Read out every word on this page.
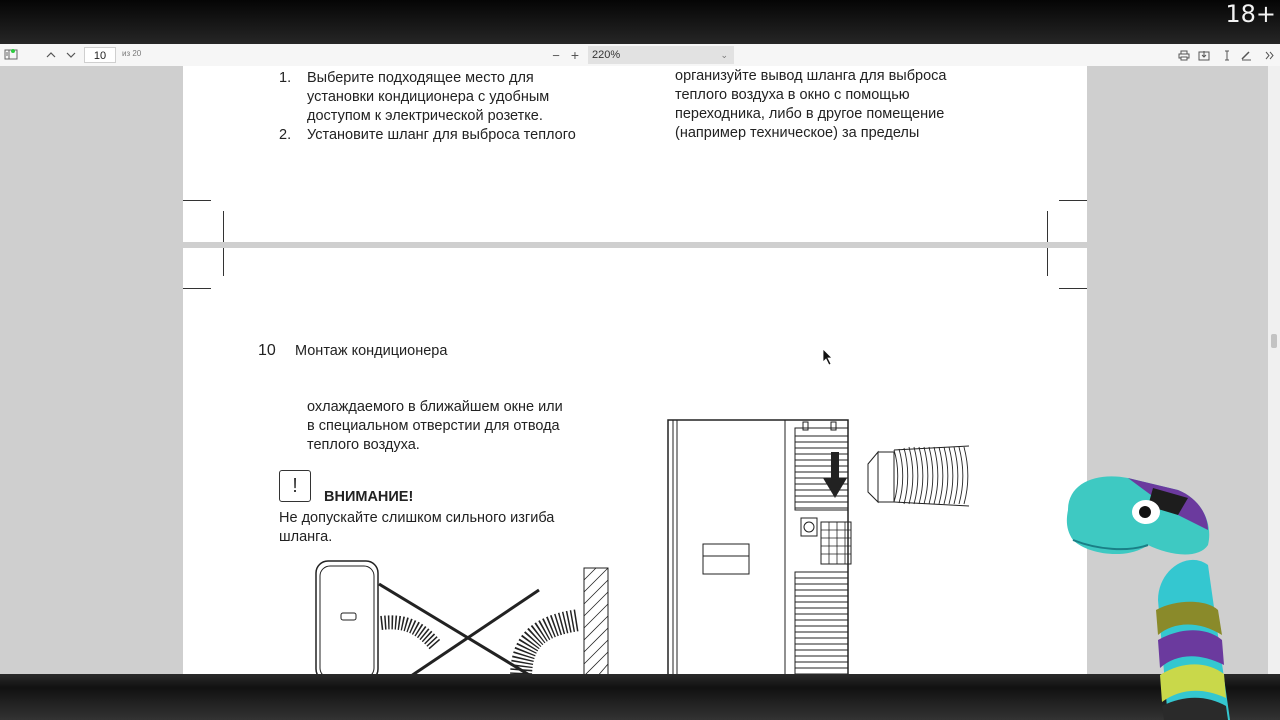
18+
10	из 20	− +	220%	⌄
1. Выберите подходящее место для
установки кондиционера с удобным
доступом к электрической розетке.
2. Установите шланг для выброса теплого
организуйте вывод шланга для выброса
теплого воздуха в окно с помощью
переходника, либо в другое помещение
(например техническое) за пределы
10 Монтаж кондиционера
охлаждаемого в ближайшем окне или
в специальном отверстии для отвода
теплого воздуха.
!	ВНИМАНИЕ!
Не допускайте слишком сильного изгиба
шланга.
